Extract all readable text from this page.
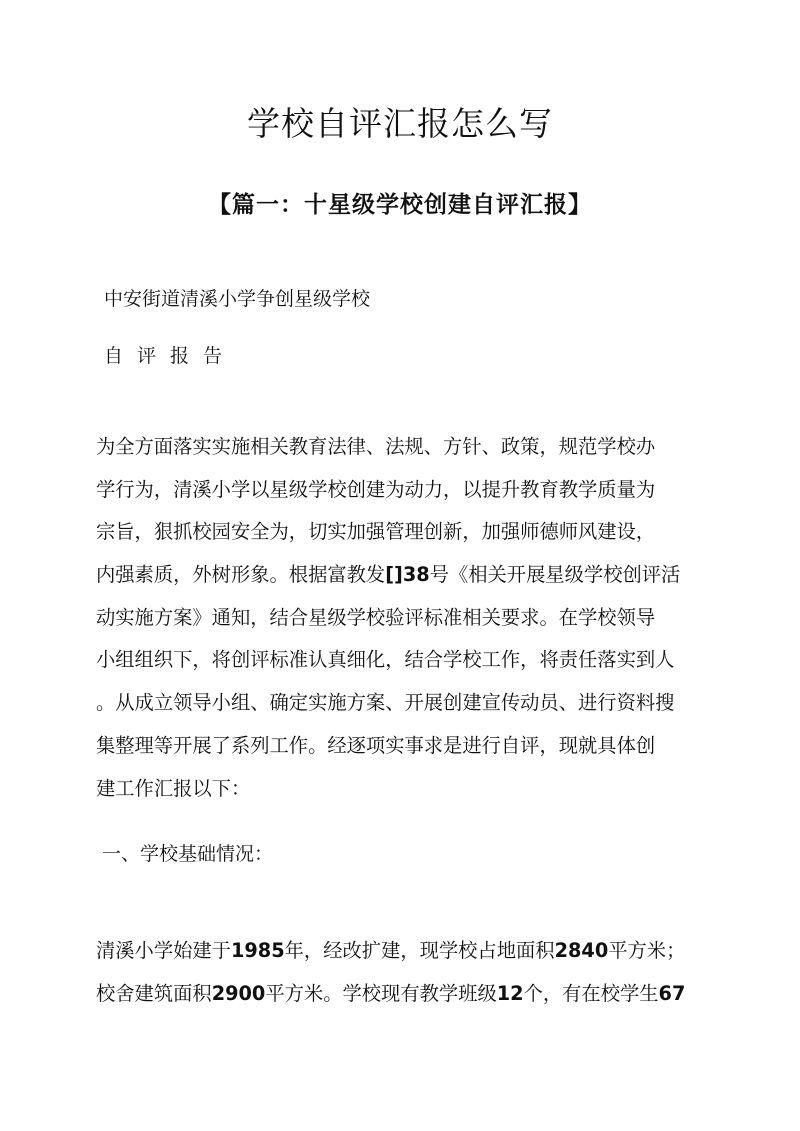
学校自评汇报怎么写
【篇一：十星级学校创建自评汇报】
中安街道清溪小学争创星级学校
自评报告
为全方面落实实施相关教育法律、法规、方针、政策，规范学校办
学行为，清溪小学以星级学校创建为动力，以提升教育教学质量为
宗旨，狠抓校园安全为，切实加强管理创新，加强师德师风建设，
内强素质，外树形象。根据富教发[]38号《相关开展星级学校创评活
动实施方案》通知，结合星级学校验评标准相关要求。在学校领导
小组组织下，将创评标准认真细化，结合学校工作，将责任落实到人
。从成立领导小组、确定实施方案、开展创建宣传动员、进行资料搜
集整理等开展了系列工作。经逐项实事求是进行自评，现就具体创
建工作汇报以下：
一、学校基础情况：
清溪小学始建于1985年，经改扩建，现学校占地面积2840平方米；
校舍建筑面积2900平方米。学校现有教学班级12个，有在校学生67
